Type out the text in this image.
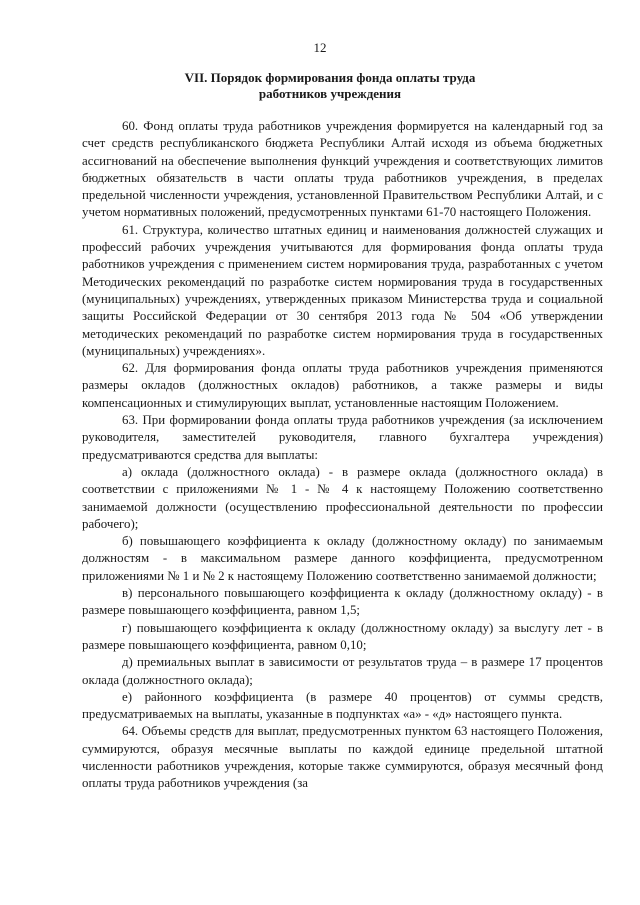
12
VII. Порядок формирования фонда оплаты труда
работников учреждения

60. Фонд оплаты труда работников учреждения формируется на календарный год за счет средств республиканского бюджета Республики Алтай исходя из объема бюджетных ассигнований на обеспечение выполнения функций учреждения и соответствующих лимитов бюджетных обязательств в части оплаты труда работников учреждения, в пределах предельной численности учреждения, установленной Правительством Республики Алтай, и с учетом нормативных положений, предусмотренных пунктами 61-70 настоящего Положения.

61. Структура, количество штатных единиц и наименования должностей служащих и профессий рабочих учреждения учитываются для формирования фонда оплаты труда работников учреждения с применением систем нормирования труда, разработанных с учетом Методических рекомендаций по разработке систем нормирования труда в государственных (муниципальных) учреждениях, утвержденных приказом Министерства труда и социальной защиты Российской Федерации от 30 сентября 2013 года № 504 «Об утверждении методических рекомендаций по разработке систем нормирования труда в государственных (муниципальных) учреждениях».

62. Для формирования фонда оплаты труда работников учреждения применяются размеры окладов (должностных окладов) работников, а также размеры и виды компенсационных и стимулирующих выплат, установленные настоящим Положением.

63. При формировании фонда оплаты труда работников учреждения (за исключением руководителя, заместителей руководителя, главного бухгалтера учреждения) предусматриваются средства для выплаты:

а) оклада (должностного оклада) - в размере оклада (должностного оклада) в соответствии с приложениями № 1 - № 4 к настоящему Положению соответственно занимаемой должности (осуществлению профессиональной деятельности по профессии рабочего);

б) повышающего коэффициента к окладу (должностному окладу) по занимаемым должностям - в максимальном размере данного коэффициента, предусмотренном приложениями № 1 и № 2 к настоящему Положению соответственно занимаемой должности;

в) персонального повышающего коэффициента к окладу (должностному окладу) - в размере повышающего коэффициента, равном 1,5;

г) повышающего коэффициента к окладу (должностному окладу) за выслугу лет - в размере повышающего коэффициента, равном 0,10;

д) премиальных выплат в зависимости от результатов труда – в размере 17 процентов оклада (должностного оклада);

е) районного коэффициента (в размере 40 процентов) от суммы средств, предусматриваемых на выплаты, указанные в подпунктах «а» - «д» настоящего пункта.

64. Объемы средств для выплат, предусмотренных пунктом 63 настоящего Положения, суммируются, образуя месячные выплаты по каждой единице предельной штатной численности работников учреждения, которые также суммируются, образуя месячный фонд оплаты труда работников учреждения (за
